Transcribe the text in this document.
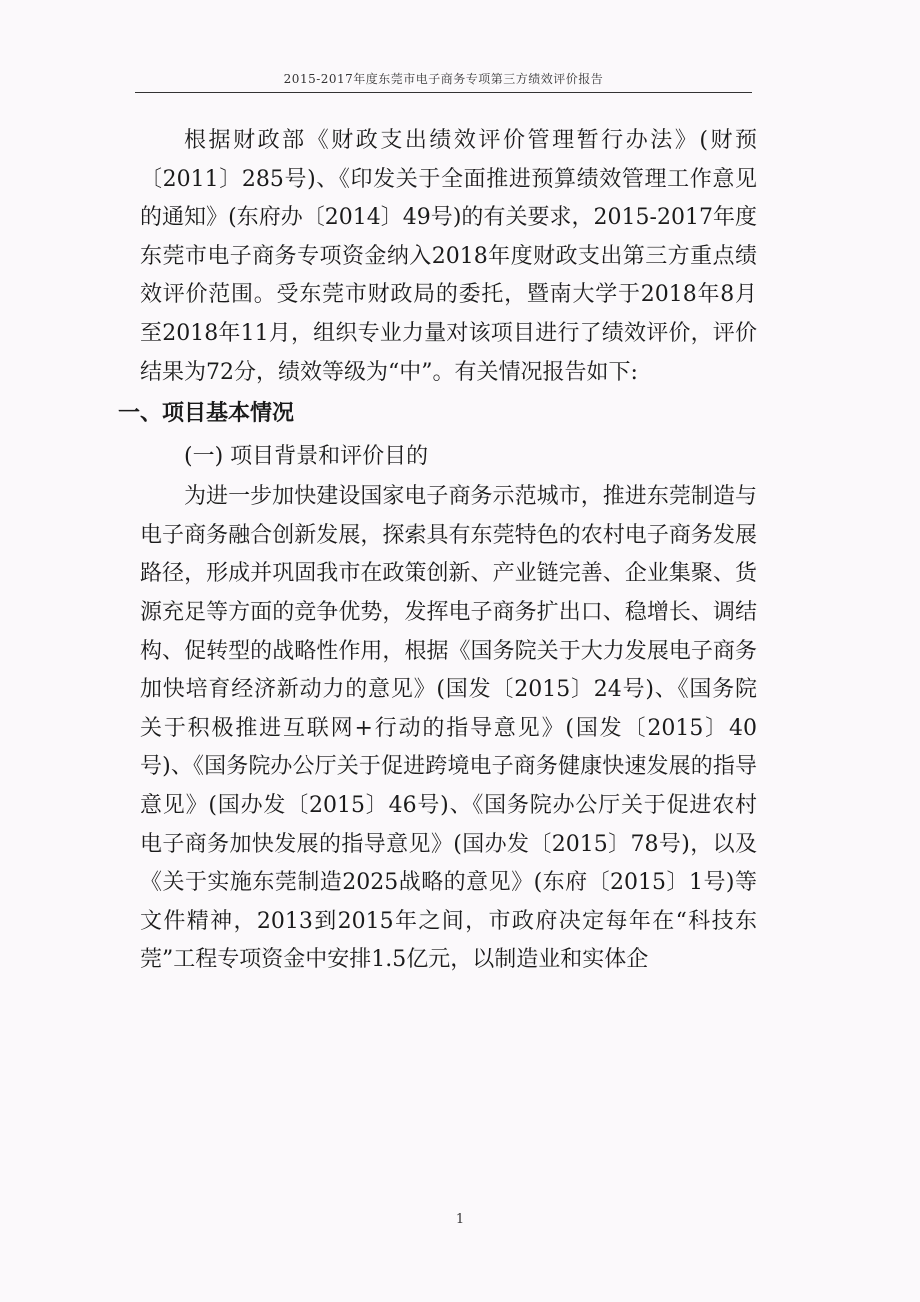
2015-2017年度东莞市电子商务专项第三方绩效评价报告

根据财政部《财政支出绩效评价管理暂行办法》(财预〔2011〕285号)、《印发关于全面推进预算绩效管理工作意见的通知》(东府办〔2014〕49号)的有关要求，2015-2017年度东莞市电子商务专项资金纳入2018年度财政支出第三方重点绩效评价范围。受东莞市财政局的委托，暨南大学于2018年8月至2018年11月，组织专业力量对该项目进行了绩效评价，评价结果为72分，绩效等级为“中”。有关情况报告如下:

一、项目基本情况

(一) 项目背景和评价目的

为进一步加快建设国家电子商务示范城市，推进东莞制造与电子商务融合创新发展，探索具有东莞特色的农村电子商务发展路径，形成并巩固我市在政策创新、产业链完善、企业集聚、货源充足等方面的竞争优势，发挥电子商务扩出口、稳增长、调结构、促转型的战略性作用，根据《国务院关于大力发展电子商务加快培育经济新动力的意见》(国发〔2015〕24号)、《国务院关于积极推进互联网+行动的指导意见》(国发〔2015〕40号)、《国务院办公厅关于促进跨境电子商务健康快速发展的指导意见》(国办发〔2015〕46号)、《国务院办公厅关于促进农村电子商务加快发展的指导意见》(国办发〔2015〕78号)，以及《关于实施东莞制造2025战略的意见》(东府〔2015〕1号)等文件精神，2013到2015年之间，市政府决定每年在“科技东莞”工程专项资金中安排1.5亿元，以制造业和实体企

1
